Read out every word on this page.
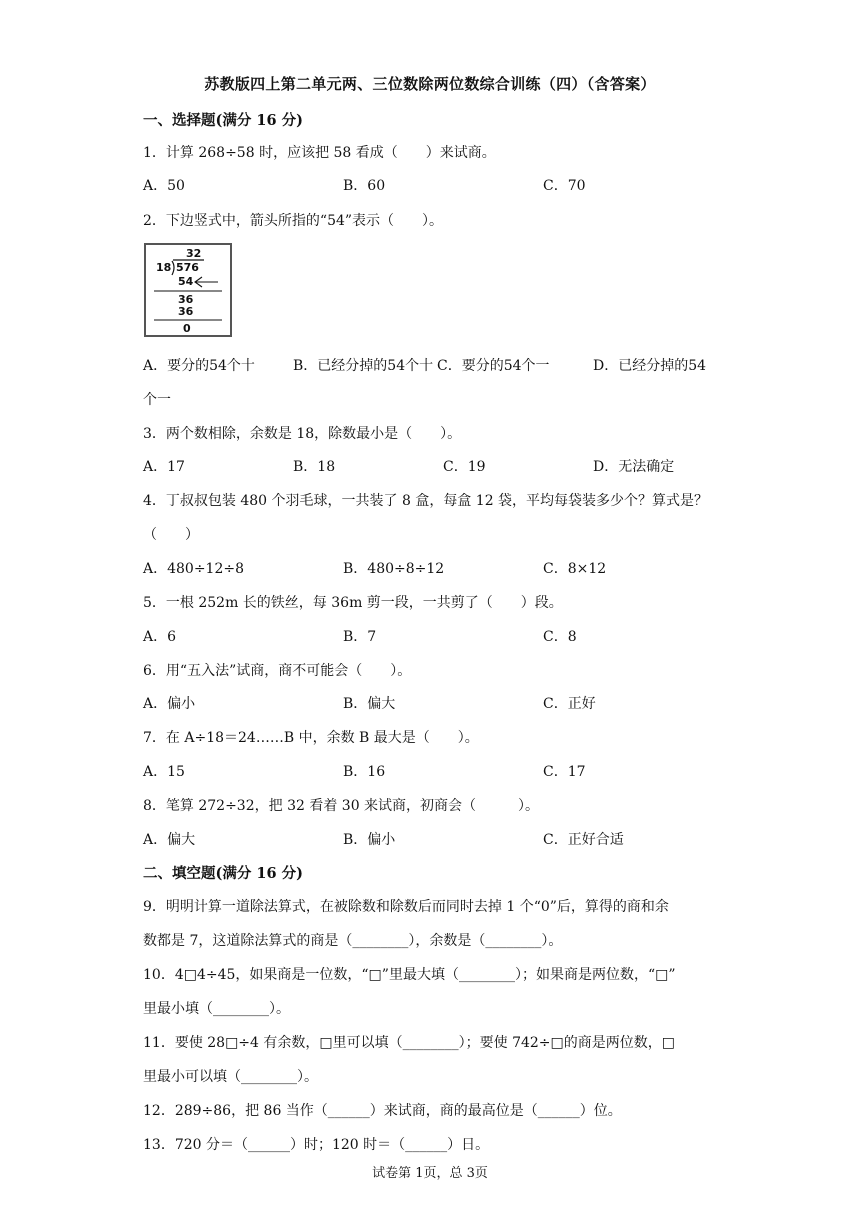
苏教版四上第二单元两、三位数除两位数综合训练（四）（含答案）
一、选择题(满分 16 分)
1．计算 268÷58 时，应该把 58 看成（　　）来试商。
A．50	B．60	C．70
2．下边竖式中，箭头所指的“54”表示（　　）。
32
18 576
54
36
36
0
A．要分的54个十	B．已经分掉的54个十 C．要分的54个一	D．已经分掉的54
个一
3．两个数相除，余数是 18，除数最小是（　　）。
A．17	B．18	C．19	D．无法确定
4．丁叔叔包装 480 个羽毛球，一共装了 8 盒，每盒 12 袋，平均每袋装多少个？算式是？
（　　）
A．480÷12÷8	B．480÷8÷12	C．8×12
5．一根 252m 长的铁丝，每 36m 剪一段，一共剪了（　　）段。
A．6	B．7	C．8
6．用“五入法”试商，商不可能会（　　）。
A．偏小	B．偏大	C．正好
7．在 A÷18＝24……B 中，余数 B 最大是（　　）。
A．15	B．16	C．17
8．笔算 272÷32，把 32 看着 30 来试商，初商会（　　　）。
A．偏大	B．偏小	C．正好合适
二、填空题(满分 16 分)
9．明明计算一道除法算式，在被除数和除数后而同时去掉 1 个“0”后，算得的商和余
数都是 7，这道除法算式的商是（________），余数是（________）。
10．4□4÷45，如果商是一位数，“□”里最大填（________）；如果商是两位数，“□”
里最小填（________）。
11．要使 28□÷4 有余数，□里可以填（________）；要使 742÷□的商是两位数，□
里最小可以填（________）。
12．289÷86，把 86 当作（______）来试商，商的最高位是（______）位。
13．720 分＝（______）时；120 时＝（______）日。
试卷第 1页，总 3页
